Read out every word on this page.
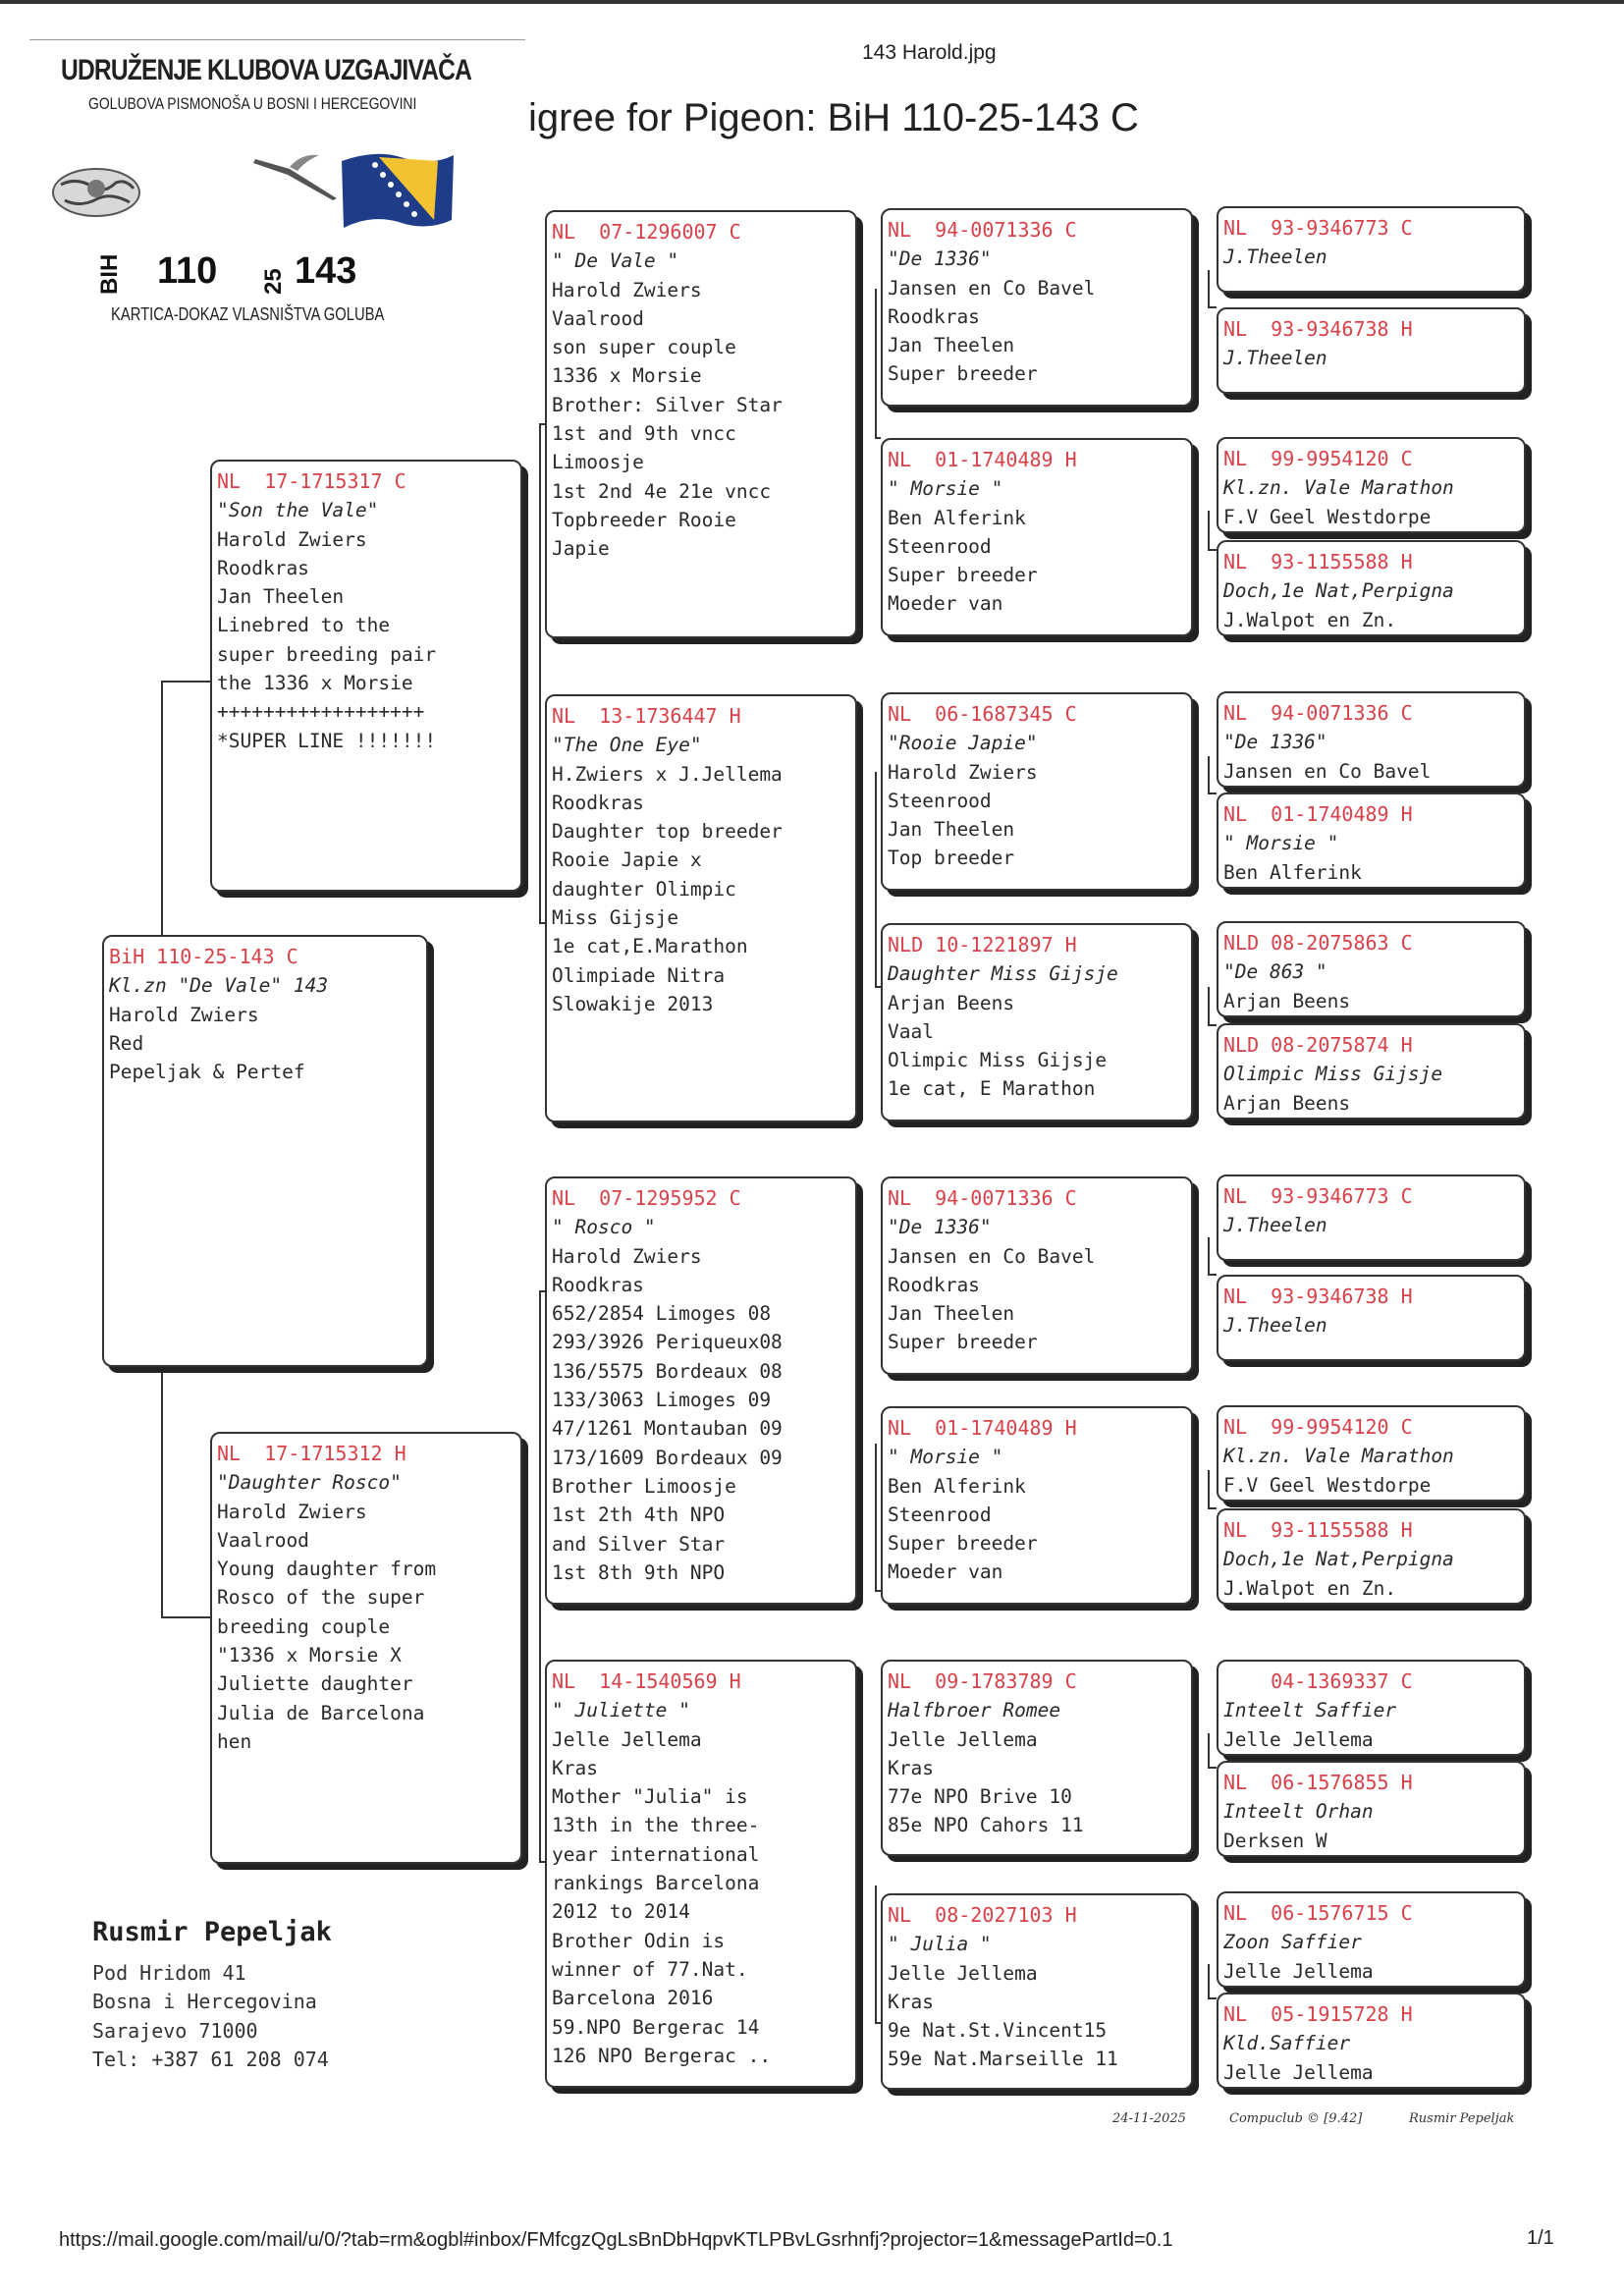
143 Harold.jpg
igree for Pigeon: BiH 110-25-143 C
UDRUŽENJE KLUBOVA UZGAJIVAČA
GOLUBOVA PISMONOŠA U BOSNI I HERCEGOVINI
BIH 110 25 143
KARTICA-DOKAZ VLASNIŠTVA GOLUBA
BiH 110-25-143 C
Kl.zn "De Vale" 143
Harold Zwiers
Red
Pepeljak & Pertef
NL  17-1715317 C
"Son the Vale"
Harold Zwiers
Roodkras
Jan Theelen
Linebred to the
super breeding pair
the 1336 x Morsie
++++++++++++++++++
*SUPER LINE !!!!!!!
NL  17-1715312 H
"Daughter Rosco"
Harold Zwiers
Vaalrood
Young daughter from
Rosco of the super
breeding couple
"1336 x Morsie X
Juliette daughter
Julia de Barcelona
hen
NL  07-1296007 C
" De Vale "
Harold Zwiers
Vaalrood
son super couple
1336 x Morsie
Brother: Silver Star
1st and 9th vncc
Limoosje
1st 2nd 4e 21e vncc
Topbreeder Rooie
Japie
NL  13-1736447 H
"The One Eye"
H.Zwiers x J.Jellema
Roodkras
Daughter top breeder
Rooie Japie x
daughter Olimpic
Miss Gijsje
1e cat,E.Marathon
Olimpiade Nitra
Slowakije 2013
NL  07-1295952 C
" Rosco "
Harold Zwiers
Roodkras
652/2854 Limoges 08
293/3926 Periqueux08
136/5575 Bordeaux 08
133/3063 Limoges 09
47/1261 Montauban 09
173/1609 Bordeaux 09
Brother Limoosje
1st 2th 4th NPO
and Silver Star
1st 8th 9th NPO
NL  14-1540569 H
" Juliette "
Jelle Jellema
Kras
Mother "Julia" is
13th in the three-
year international
rankings Barcelona
2012 to 2014
Brother Odin is
winner of 77.Nat.
Barcelona 2016
59.NPO Bergerac 14
126 NPO Bergerac ..
NL  94-0071336 C
"De 1336"
Jansen en Co Bavel
Roodkras
Jan Theelen
Super breeder
NL  01-1740489 H
" Morsie "
Ben Alferink
Steenrood
Super breeder
Moeder van
NL  06-1687345 C
"Rooie Japie"
Harold Zwiers
Steenrood
Jan Theelen
Top breeder
NLD 10-1221897 H
Daughter Miss Gijsje
Arjan Beens
Vaal
Olimpic Miss Gijsje
1e cat, E Marathon
NL  94-0071336 C
"De 1336"
Jansen en Co Bavel
Roodkras
Jan Theelen
Super breeder
NL  01-1740489 H
" Morsie "
Ben Alferink
Steenrood
Super breeder
Moeder van
NL  09-1783789 C
Halfbroer Romee
Jelle Jellema
Kras
77e NPO Brive 10
85e NPO Cahors 11
NL  08-2027103 H
" Julia "
Jelle Jellema
Kras
9e Nat.St.Vincent15
59e Nat.Marseille 11
NL  93-9346773 C
J.Theelen
NL  93-9346738 H
J.Theelen
NL  99-9954120 C
Kl.zn. Vale Marathon
F.V Geel Westdorpe
NL  93-1155588 H
Doch,1e Nat,Perpigna
J.Walpot en Zn.
NL  94-0071336 C
"De 1336"
Jansen en Co Bavel
NL  01-1740489 H
" Morsie "
Ben Alferink
NLD 08-2075863 C
"De 863 "
Arjan Beens
NLD 08-2075874 H
Olimpic Miss Gijsje
Arjan Beens
NL  93-9346773 C
J.Theelen
NL  93-9346738 H
J.Theelen
NL  99-9954120 C
Kl.zn. Vale Marathon
F.V Geel Westdorpe
NL  93-1155588 H
Doch,1e Nat,Perpigna
J.Walpot en Zn.
04-1369337 C
Inteelt Saffier
Jelle Jellema
NL  06-1576855 H
Inteelt Orhan
Derksen W
NL  06-1576715 C
Zoon Saffier
Jelle Jellema
NL  05-1915728 H
Kld.Saffier
Jelle Jellema
Rusmir Pepeljak
Pod Hridom 41
Bosna i Hercegovina
Sarajevo 71000
Tel: +387 61 208 074
24-11-2025	Compuclub © [9.42]	Rusmir Pepeljak
https://mail.google.com/mail/u/0/?tab=rm&ogbl#inbox/FMfcgzQgLsBnDbHqpvKTLPBvLGsrhnfj?projector=1&messagePartId=0.1	1/1
